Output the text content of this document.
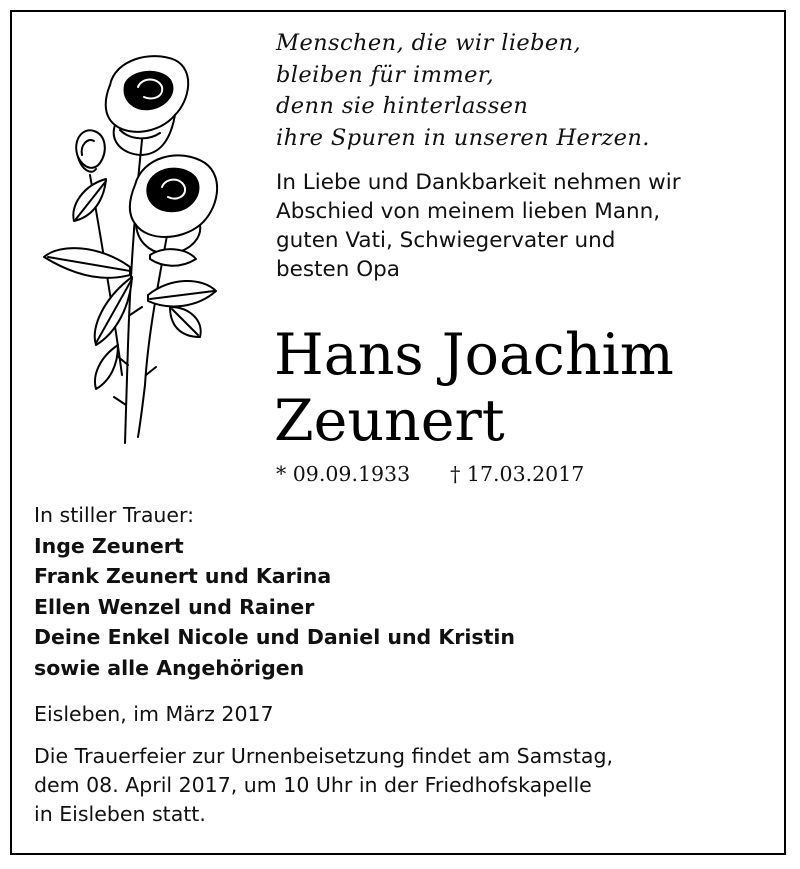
Menschen, die wir lieben,
bleiben für immer,
denn sie hinterlassen
ihre Spuren in unseren Herzen.
In Liebe und Dankbarkeit nehmen wir
Abschied von meinem lieben Mann,
guten Vati, Schwiegervater und
besten Opa
Hans Joachim
Zeunert
* 09.09.1933 † 17.03.2017
In stiller Trauer:
Inge Zeunert
Frank Zeunert und Karina
Ellen Wenzel und Rainer
Deine Enkel Nicole und Daniel und Kristin
sowie alle Angehörigen
Eisleben, im März 2017
Die Trauerfeier zur Urnenbeisetzung findet am Samstag,
dem 08. April 2017, um 10 Uhr in der Friedhofskapelle
in Eisleben statt.
